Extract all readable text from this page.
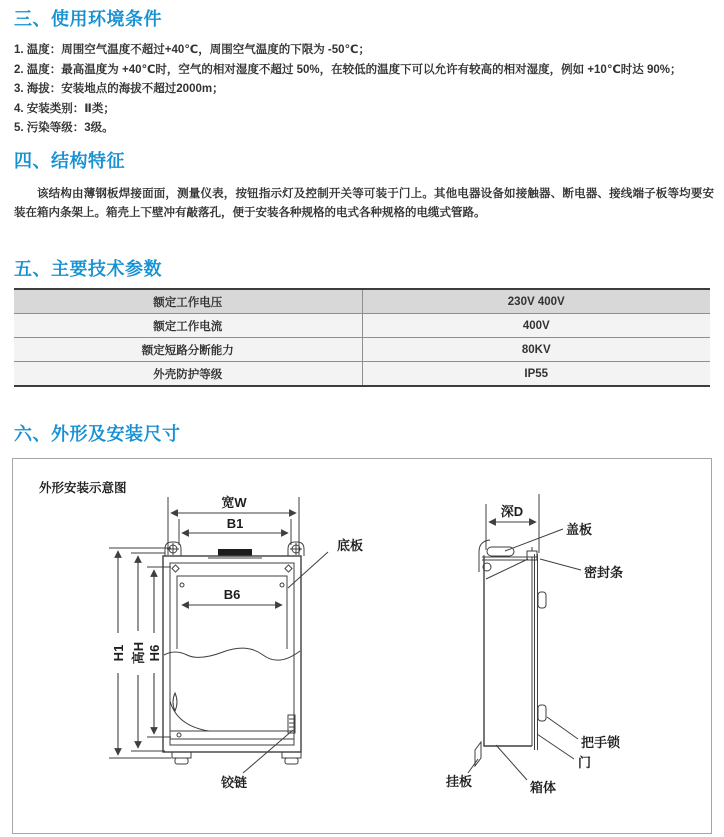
三、使用环境条件
1. 温度：周围空气温度不超过+40℃，周围空气温度的下限为 -50℃；
2. 温度：最高温度为 +40℃时，空气的相对湿度不超过 50%，在较低的温度下可以允许有较高的相对湿度，例如 +10℃时达 90%；
3. 海拔：安装地点的海拔不超过2000m；
4. 安装类别：Ⅱ类；
5. 污染等级：3级。
四、结构特征

该结构由薄钢板焊接面面，测量仪表，按钮指示灯及控制开关等可装于门上。其他电器设备如接触器、断电器、接线端子板等均要安装在箱内条架上。箱壳上下壁冲有敲落孔，便于安装各种规格的电式各种规格的电缆式管路。

五、主要技术参数
额定工作电压	230V 400V
额定工作电流	400V
额定短路分断能力	80KV
外壳防护等级	IP55
六、外形及安装尺寸
外形安装示意图
宽W
B1
B6
H1 高H H6
底板
铰链
深D
盖板
密封条
把手锁
门
挂板	箱体
